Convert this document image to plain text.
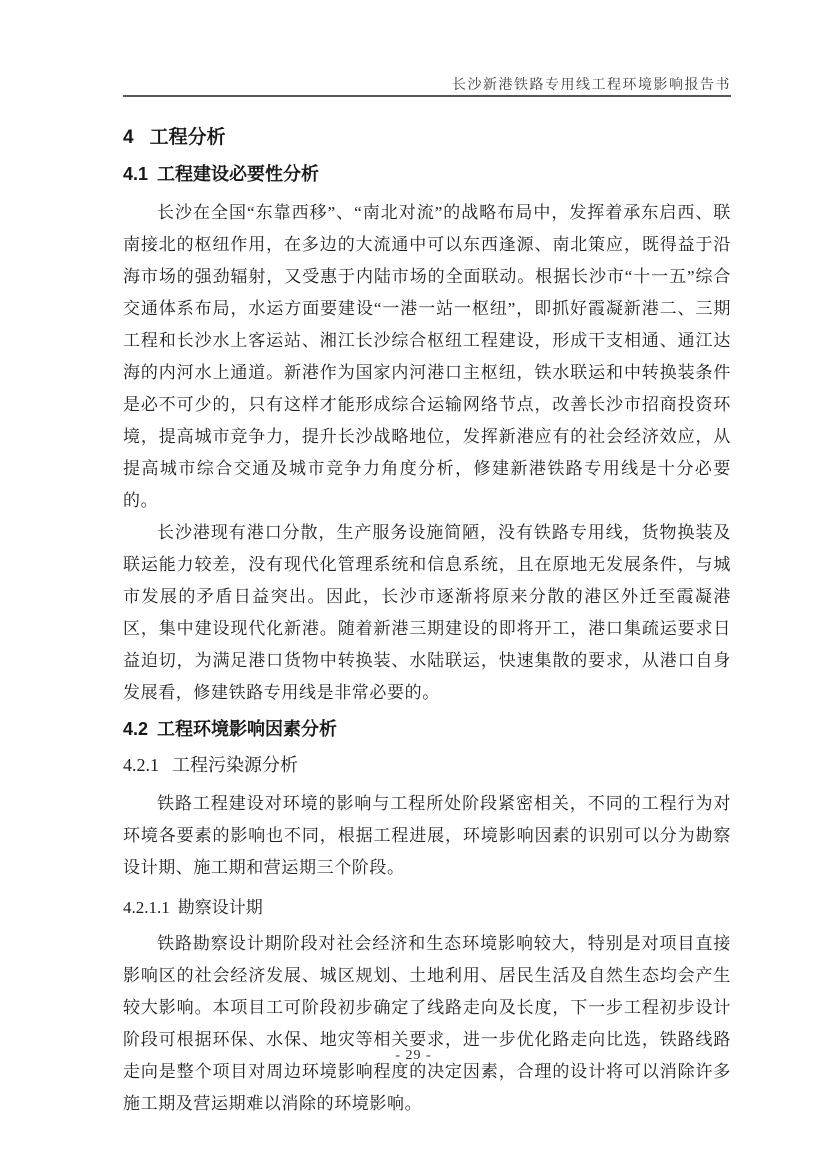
长沙新港铁路专用线工程环境影响报告书
4 工程分析
4.1 工程建设必要性分析

长沙在全国“东靠西移”、“南北对流”的战略布局中，发挥着承东启西、联南接北的枢纽作用，在多边的大流通中可以东西逢源、南北策应，既得益于沿海市场的强劲辐射，又受惠于内陆市场的全面联动。根据长沙市“十一五”综合交通体系布局，水运方面要建设“一港一站一枢纽”，即抓好霞凝新港二、三期工程和长沙水上客运站、湘江长沙综合枢纽工程建设，形成干支相通、通江达海的内河水上通道。新港作为国家内河港口主枢纽，铁水联运和中转换装条件是必不可少的，只有这样才能形成综合运输网络节点，改善长沙市招商投资环境，提高城市竞争力，提升长沙战略地位，发挥新港应有的社会经济效应，从提高城市综合交通及城市竞争力角度分析，修建新港铁路专用线是十分必要的。

长沙港现有港口分散，生产服务设施简陋，没有铁路专用线，货物换装及联运能力较差，没有现代化管理系统和信息系统，且在原地无发展条件，与城市发展的矛盾日益突出。因此，长沙市逐渐将原来分散的港区外迁至霞凝港区，集中建设现代化新港。随着新港三期建设的即将开工，港口集疏运要求日益迫切，为满足港口货物中转换装、水陆联运，快速集散的要求，从港口自身发展看，修建铁路专用线是非常必要的。

4.2 工程环境影响因素分析
4.2.1 工程污染源分析

铁路工程建设对环境的影响与工程所处阶段紧密相关，不同的工程行为对环境各要素的影响也不同，根据工程进展，环境影响因素的识别可以分为勘察设计期、施工期和营运期三个阶段。

4.2.1.1 勘察设计期

铁路勘察设计期阶段对社会经济和生态环境影响较大，特别是对项目直接影响区的社会经济发展、城区规划、土地利用、居民生活及自然生态均会产生较大影响。本项目工可阶段初步确定了线路走向及长度，下一步工程初步设计阶段可根据环保、水保、地灾等相关要求，进一步优化路走向比选，铁路线路走向是整个项目对周边环境影响程度的决定因素，合理的设计将可以消除许多施工期及营运期难以消除的环境影响。

- 29 -
